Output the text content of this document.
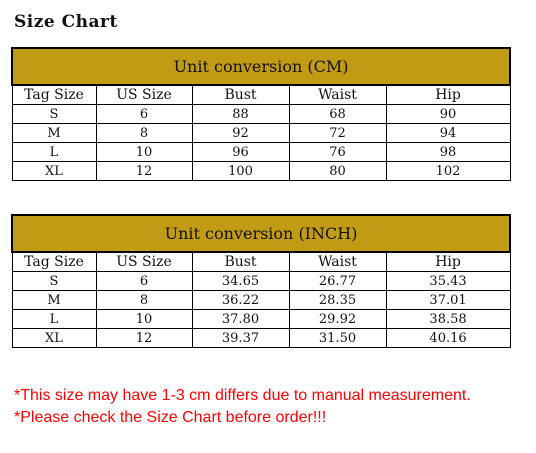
Size Chart
Unit conversion (CM)				
Tag Size	US Size	Bust	Waist	Hip
S	6	88	68	90
M	8	92	72	94
L	10	96	76	98
XL	12	100	80	102
Unit conversion (INCH)				
Tag Size	US Size	Bust	Waist	Hip
S	6	34.65	26.77	35.43
M	8	36.22	28.35	37.01
L	10	37.80	29.92	38.58
XL	12	39.37	31.50	40.16
*This size may have 1-3 cm differs due to manual measurement.
*Please check the Size Chart before order!!!
